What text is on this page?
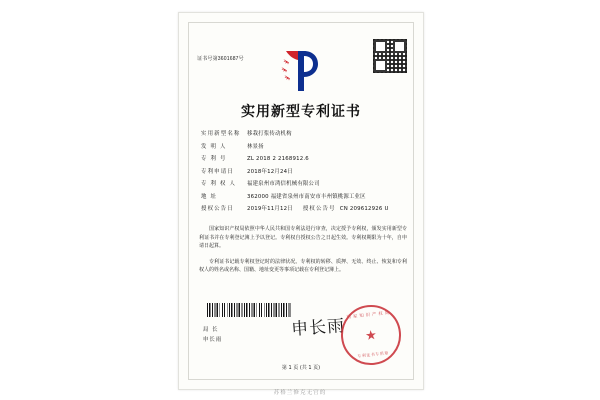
证书号第3601687号
实用新型专利证书
实用新型名称	移栽打浆传动机构
发 明 人	林景扬
专 利 号	ZL 2018 2 2168912.6
专利申请日	2018年12月24日
专 利 权 人	福建泉州市鸿信机械有限公司
地 址	362000 福建省泉州市南安市丰州镇桃源工业区
授权公告日	2019年11月12日 授权公告号 CN 209612926 U

国家知识产权局依照中华人民共和国专利法进行审查，决定授予专利权，颁发实用新型专利证书并在专利登记簿上予以登记。专利权自授权公告之日起生效。专利权期限为十年，自申请日起算。

专利证书记载专利权登记时的法律状况。专利权的转移、质押、无效、终止、恢复和专利权人的姓名或名称、国籍、地址变更等事项记载在专利登记簿上。

局 长
申长雨
申长雨
国家知识产权局
★
专利证书专用章
第 1 页 (共 1 页)
苏格兰修克无官的
